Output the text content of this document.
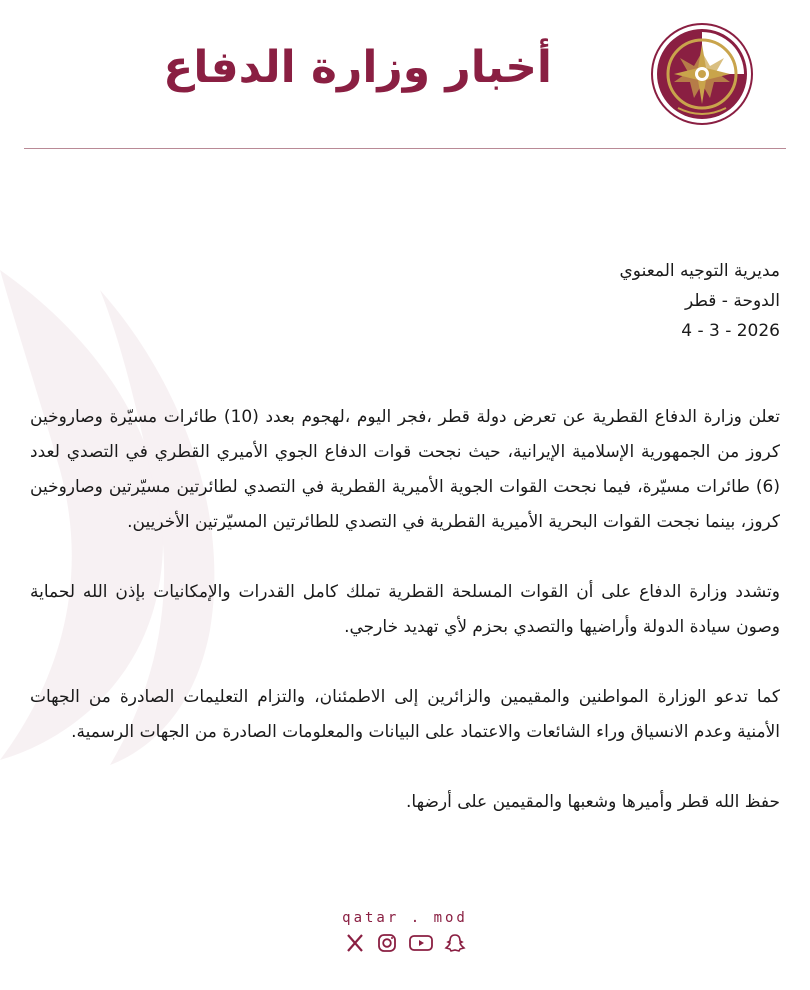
أخبار وزارة الدفاع
مديرية التوجيه المعنوي
الدوحة - قطر
4 - 3 - 2026

تعلن وزارة الدفاع القطرية عن تعرض دولة قطر ،فجر اليوم ،لهجوم بعدد (10) طائرات مسيّرة وصاروخين كروز من الجمهورية الإسلامية الإيرانية، حيث نجحت قوات الدفاع الجوي الأميري القطري في التصدي لعدد (6) طائرات مسيّرة، فيما نجحت القوات الجوية الأميرية القطرية في التصدي لطائرتين مسيّرتين وصاروخين كروز، بينما نجحت القوات البحرية الأميرية القطرية في التصدي للطائرتين المسيّرتين الأخريين.

وتشدد وزارة الدفاع على أن القوات المسلحة القطرية تملك كامل القدرات والإمكانيات بإذن الله لحماية وصون سيادة الدولة وأراضيها والتصدي بحزم لأي تهديد خارجي.

كما تدعو الوزارة المواطنين والمقيمين والزائرين إلى الاطمئنان، والتزام التعليمات الصادرة من الجهات الأمنية وعدم الانسياق وراء الشائعات والاعتماد على البيانات والمعلومات الصادرة من الجهات الرسمية.

حفظ الله قطر وأميرها وشعبها والمقيمين على أرضها.

qatar . mod
